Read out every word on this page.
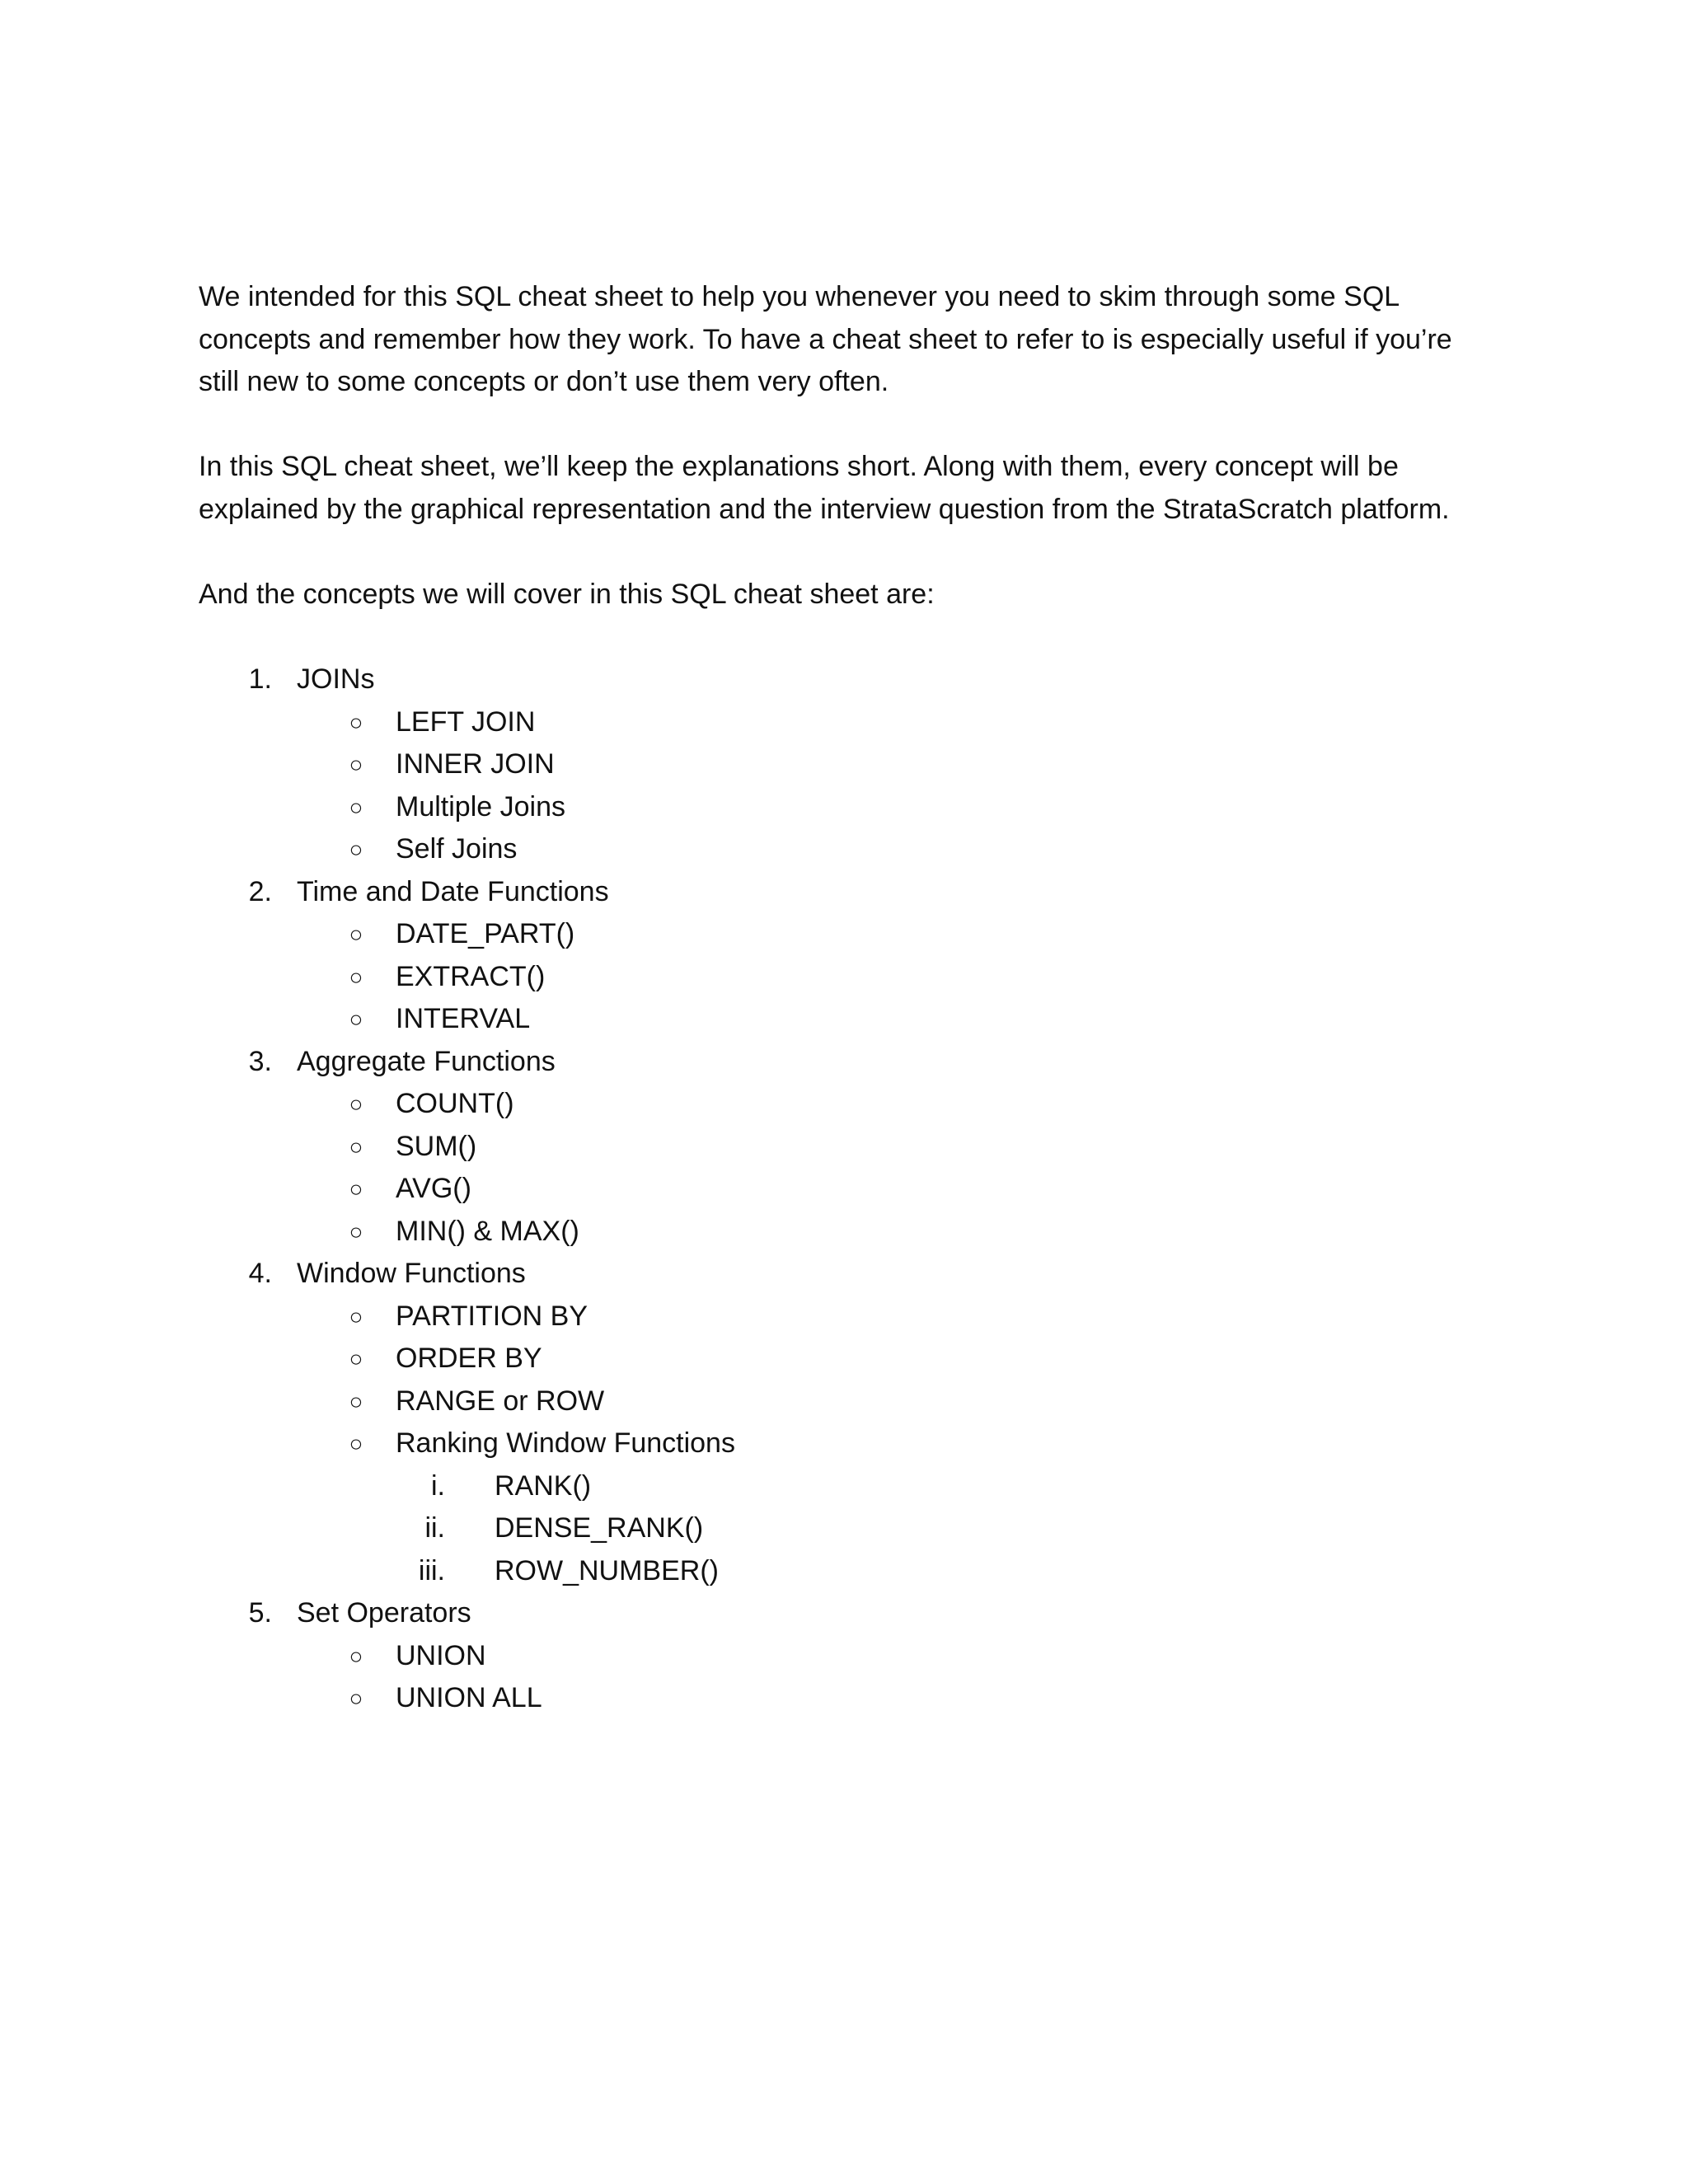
We intended for this SQL cheat sheet to help you whenever you need to skim through some SQL concepts and remember how they work. To have a cheat sheet to refer to is especially useful if you’re still new to some concepts or don’t use them very often.

In this SQL cheat sheet, we’ll keep the explanations short. Along with them, every concept will be explained by the graphical representation and the interview question from the StrataScratch platform.

And the concepts we will cover in this SQL cheat sheet are:

1. JOINs
○	LEFT JOIN
○	INNER JOIN
○	Multiple Joins
○	Self Joins
2. Time and Date Functions
○	DATE_PART()
○	EXTRACT()
○	INTERVAL
3. Aggregate Functions
○	COUNT()
○	SUM()
○	AVG()
○	MIN() & MAX()
4. Window Functions
○	PARTITION BY
○	ORDER BY
○	RANGE or ROW
○	Ranking Window Functions
i. RANK()
ii. DENSE_RANK()
iii. ROW_NUMBER()
5. Set Operators
○	UNION
○	UNION ALL
